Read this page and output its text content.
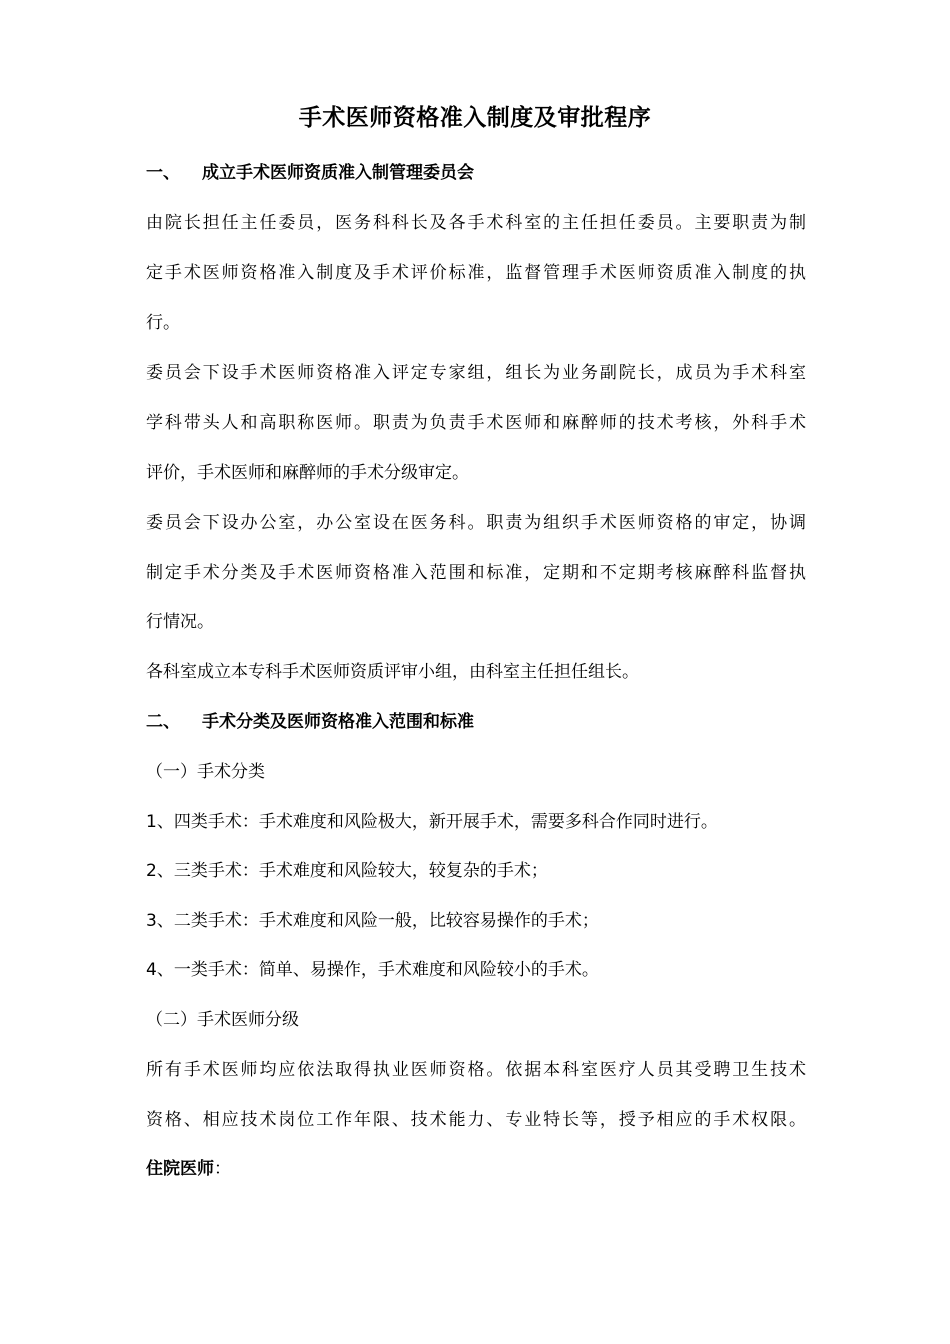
手术医师资格准入制度及审批程序
一、 成立手术医师资质准入制管理委员会
由院长担任主任委员，医务科科长及各手术科室的主任担任委员。主要职责为制
定手术医师资格准入制度及手术评价标准，监督管理手术医师资质准入制度的执
行。
委员会下设手术医师资格准入评定专家组，组长为业务副院长，成员为手术科室
学科带头人和高职称医师。职责为负责手术医师和麻醉师的技术考核，外科手术
评价，手术医师和麻醉师的手术分级审定。
委员会下设办公室，办公室设在医务科。职责为组织手术医师资格的审定，协调
制定手术分类及手术医师资格准入范围和标准，定期和不定期考核麻醉科监督执
行情况。
各科室成立本专科手术医师资质评审小组，由科室主任担任组长。
二、 手术分类及医师资格准入范围和标准
（一）手术分类
1、四类手术：手术难度和风险极大，新开展手术，需要多科合作同时进行。
2、三类手术：手术难度和风险较大，较复杂的手术；
3、二类手术：手术难度和风险一般，比较容易操作的手术；
4、一类手术：简单、易操作，手术难度和风险较小的手术。
（二）手术医师分级
所有手术医师均应依法取得执业医师资格。依据本科室医疗人员其受聘卫生技术
资格、相应技术岗位工作年限、技术能力、专业特长等，授予相应的手术权限。
住院医师：
